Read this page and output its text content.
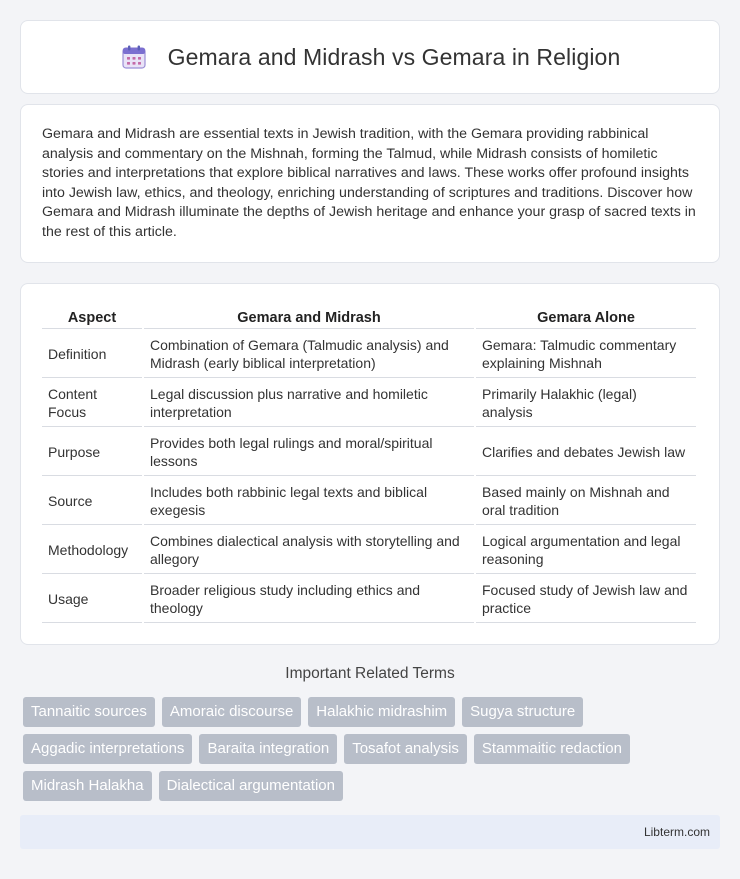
Gemara and Midrash vs Gemara in Religion

Gemara and Midrash are essential texts in Jewish tradition, with the Gemara providing rabbinical analysis and commentary on the Mishnah, forming the Talmud, while Midrash consists of homiletic stories and interpretations that explore biblical narratives and laws. These works offer profound insights into Jewish law, ethics, and theology, enriching understanding of scriptures and traditions. Discover how Gemara and Midrash illuminate the depths of Jewish heritage and enhance your grasp of sacred texts in the rest of this article.

Aspect	Gemara and Midrash	Gemara Alone
Definition	Combination of Gemara (Talmudic analysis) and Midrash (early biblical interpretation)	Gemara: Talmudic commentary explaining Mishnah
Content Focus	Legal discussion plus narrative and homiletic interpretation	Primarily Halakhic (legal) analysis
Purpose	Provides both legal rulings and moral/spiritual lessons	Clarifies and debates Jewish law
Source	Includes both rabbinic legal texts and biblical exegesis	Based mainly on Mishnah and oral tradition
Methodology	Combines dialectical analysis with storytelling and allegory	Logical argumentation and legal reasoning
Usage	Broader religious study including ethics and theology	Focused study of Jewish law and practice
Important Related Terms
Tannaitic sources	Amoraic discourse	Halakhic midrashim	Sugya structure
Aggadic interpretations	Baraita integration	Tosafot analysis	Stammaitic redaction
Midrash Halakha	Dialectical argumentation
Libterm.com
